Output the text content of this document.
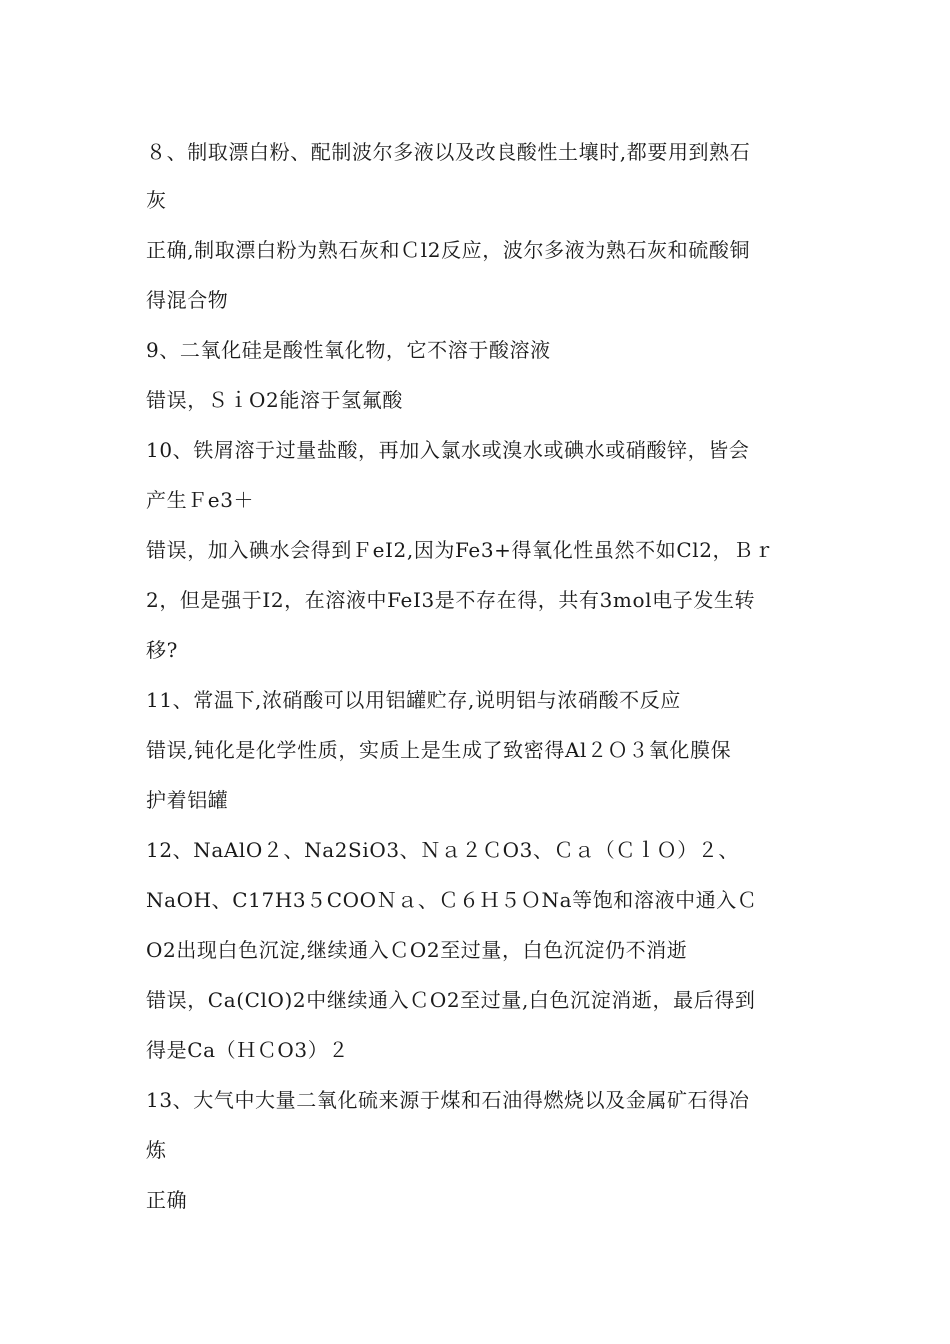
８、制取漂白粉、配制波尔多液以及改良酸性土壤时,都要用到熟石
灰
正确,制取漂白粉为熟石灰和Ｃl2反应，波尔多液为熟石灰和硫酸铜
得混合物
9、二氧化硅是酸性氧化物，它不溶于酸溶液
错误，ＳｉO2能溶于氢氟酸
10、铁屑溶于过量盐酸，再加入氯水或溴水或碘水或硝酸锌，皆会
产生Ｆe3＋
错误，加入碘水会得到ＦeI2,因为Fe3+得氧化性虽然不如Cl2，Ｂｒ
2，但是强于I2，在溶液中FeI3是不存在得，共有3mol电子发生转
移?
11、常温下,浓硝酸可以用铝罐贮存,说明铝与浓硝酸不反应
错误,钝化是化学性质，实质上是生成了致密得Al２Ｏ３氧化膜保
护着铝罐
12、NaAlO２、Na2SiO3、Ｎａ２ＣO3、Ｃａ（ＣｌＯ）２、
NaOH、C17H3５COOＮａ、Ｃ６Ｈ５ＯNa等饱和溶液中通入Ｃ
O2出现白色沉淀,继续通入ＣO2至过量，白色沉淀仍不消逝
错误，Ca(ClO)2中继续通入ＣO2至过量,白色沉淀消逝，最后得到
得是Ca（ＨＣO3）２
13、大气中大量二氧化硫来源于煤和石油得燃烧以及金属矿石得冶
炼
正确
